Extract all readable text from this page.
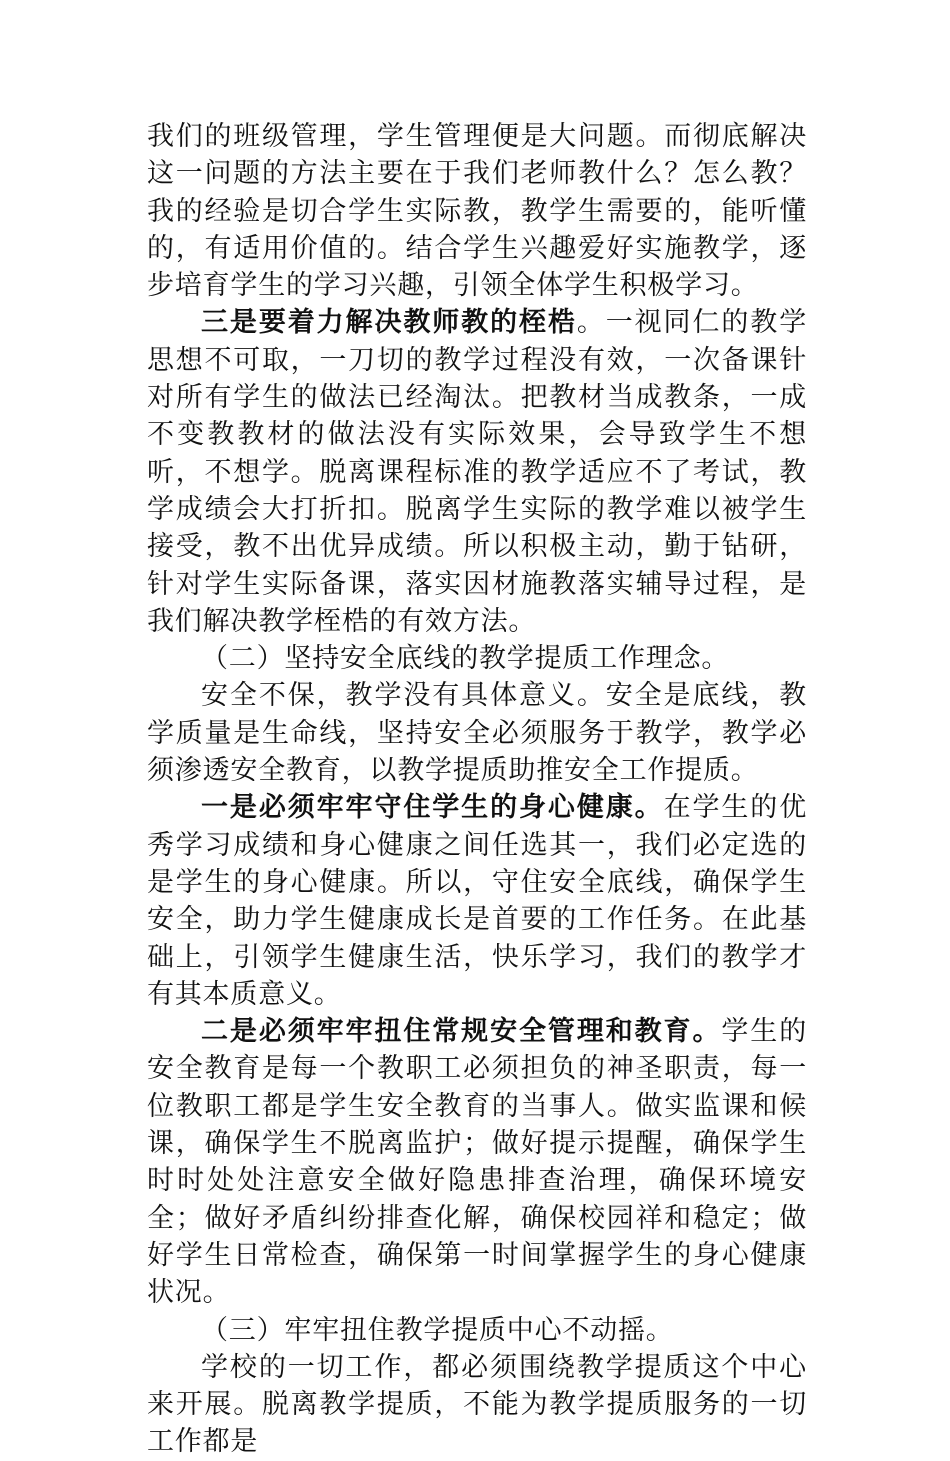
我们的班级管理，学生管理便是大问题。而彻底解决这一问题的方法主要在于我们老师教什么？怎么教？我的经验是切合学生实际教，教学生需要的，能听懂的，有适用价值的。结合学生兴趣爱好实施教学，逐步培育学生的学习兴趣，引领全体学生积极学习。

三是要着力解决教师教的桎梏。一视同仁的教学思想不可取，一刀切的教学过程没有效，一次备课针对所有学生的做法已经淘汰。把教材当成教条，一成不变教教材的做法没有实际效果，会导致学生不想听，不想学。脱离课程标准的教学适应不了考试，教学成绩会大打折扣。脱离学生实际的教学难以被学生接受，教不出优异成绩。所以积极主动，勤于钻研，针对学生实际备课，落实因材施教落实辅导过程，是我们解决教学桎梏的有效方法。

（二）坚持安全底线的教学提质工作理念。

安全不保，教学没有具体意义。安全是底线，教学质量是生命线，坚持安全必须服务于教学，教学必须渗透安全教育，以教学提质助推安全工作提质。

一是必须牢牢守住学生的身心健康。在学生的优秀学习成绩和身心健康之间任选其一，我们必定选的是学生的身心健康。所以，守住安全底线，确保学生安全，助力学生健康成长是首要的工作任务。在此基础上，引领学生健康生活，快乐学习，我们的教学才有其本质意义。

二是必须牢牢扭住常规安全管理和教育。学生的安全教育是每一个教职工必须担负的神圣职责，每一位教职工都是学生安全教育的当事人。做实监课和候课，确保学生不脱离监护；做好提示提醒，确保学生时时处处注意安全做好隐患排查治理，确保环境安全；做好矛盾纠纷排查化解，确保校园祥和稳定；做好学生日常检查，确保第一时间掌握学生的身心健康状况。

（三）牢牢扭住教学提质中心不动摇。

学校的一切工作，都必须围绕教学提质这个中心来开展。脱离教学提质，不能为教学提质服务的一切工作都是
